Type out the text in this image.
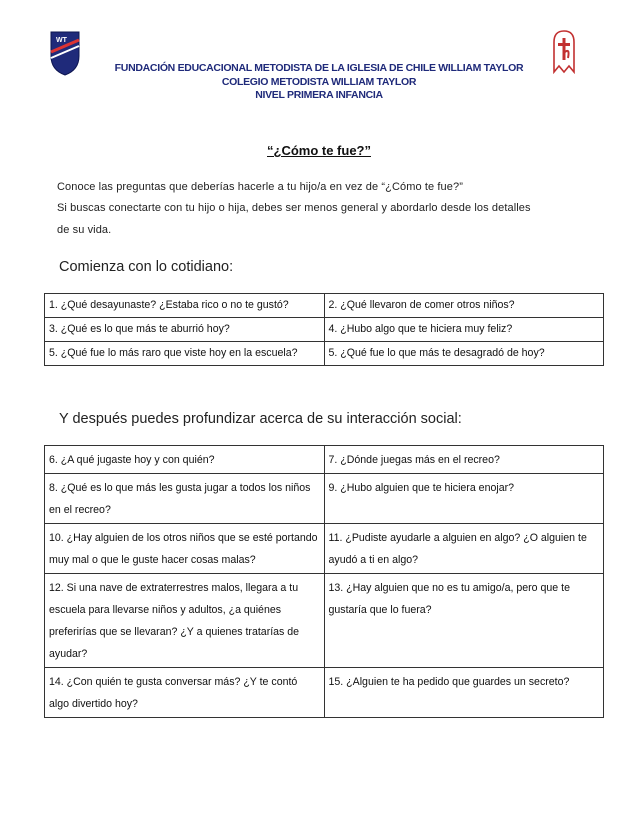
WT
FUNDACIÓN EDUCACIONAL METODISTA DE LA IGLESIA DE CHILE WILLIAM TAYLOR
COLEGIO METODISTA WILLIAM TAYLOR
NIVEL PRIMERA INFANCIA
“¿Cómo te fue?”
Conoce las preguntas que deberías hacerle a tu hijo/a en vez de “¿Cómo te fue?”
Si buscas conectarte con tu hijo o hija, debes ser menos general y abordarlo desde los detalles
de su vida.
Comienza con lo cotidiano:
1. ¿Qué desayunaste? ¿Estaba rico o no te gustó?	2. ¿Qué llevaron de comer otros niños?
3. ¿Qué es lo que más te aburrió hoy?	4. ¿Hubo algo que te hiciera muy feliz?
5. ¿Qué fue lo más raro que viste hoy en la escuela?	5. ¿Qué fue lo que más te desagradó de hoy?
Y después puedes profundizar acerca de su interacción social:
6. ¿A qué jugaste hoy y con quién?	7. ¿Dónde juegas más en el recreo?
8. ¿Qué es lo que más les gusta jugar a todos los niños en el recreo?	9. ¿Hubo alguien que te hiciera enojar?
10. ¿Hay alguien de los otros niños que se esté portando muy mal o que le guste hacer cosas malas?	11. ¿Pudiste ayudarle a alguien en algo? ¿O alguien te ayudó a ti en algo?
12. Si una nave de extraterrestres malos, llegara a tu escuela para llevarse niños y adultos, ¿a quiénes preferirías que se llevaran? ¿Y a quienes tratarías de ayudar?	13. ¿Hay alguien que no es tu amigo/a, pero que te gustaría que lo fuera?
14. ¿Con quién te gusta conversar más? ¿Y te contó algo divertido hoy?	15. ¿Alguien te ha pedido que guardes un secreto?
